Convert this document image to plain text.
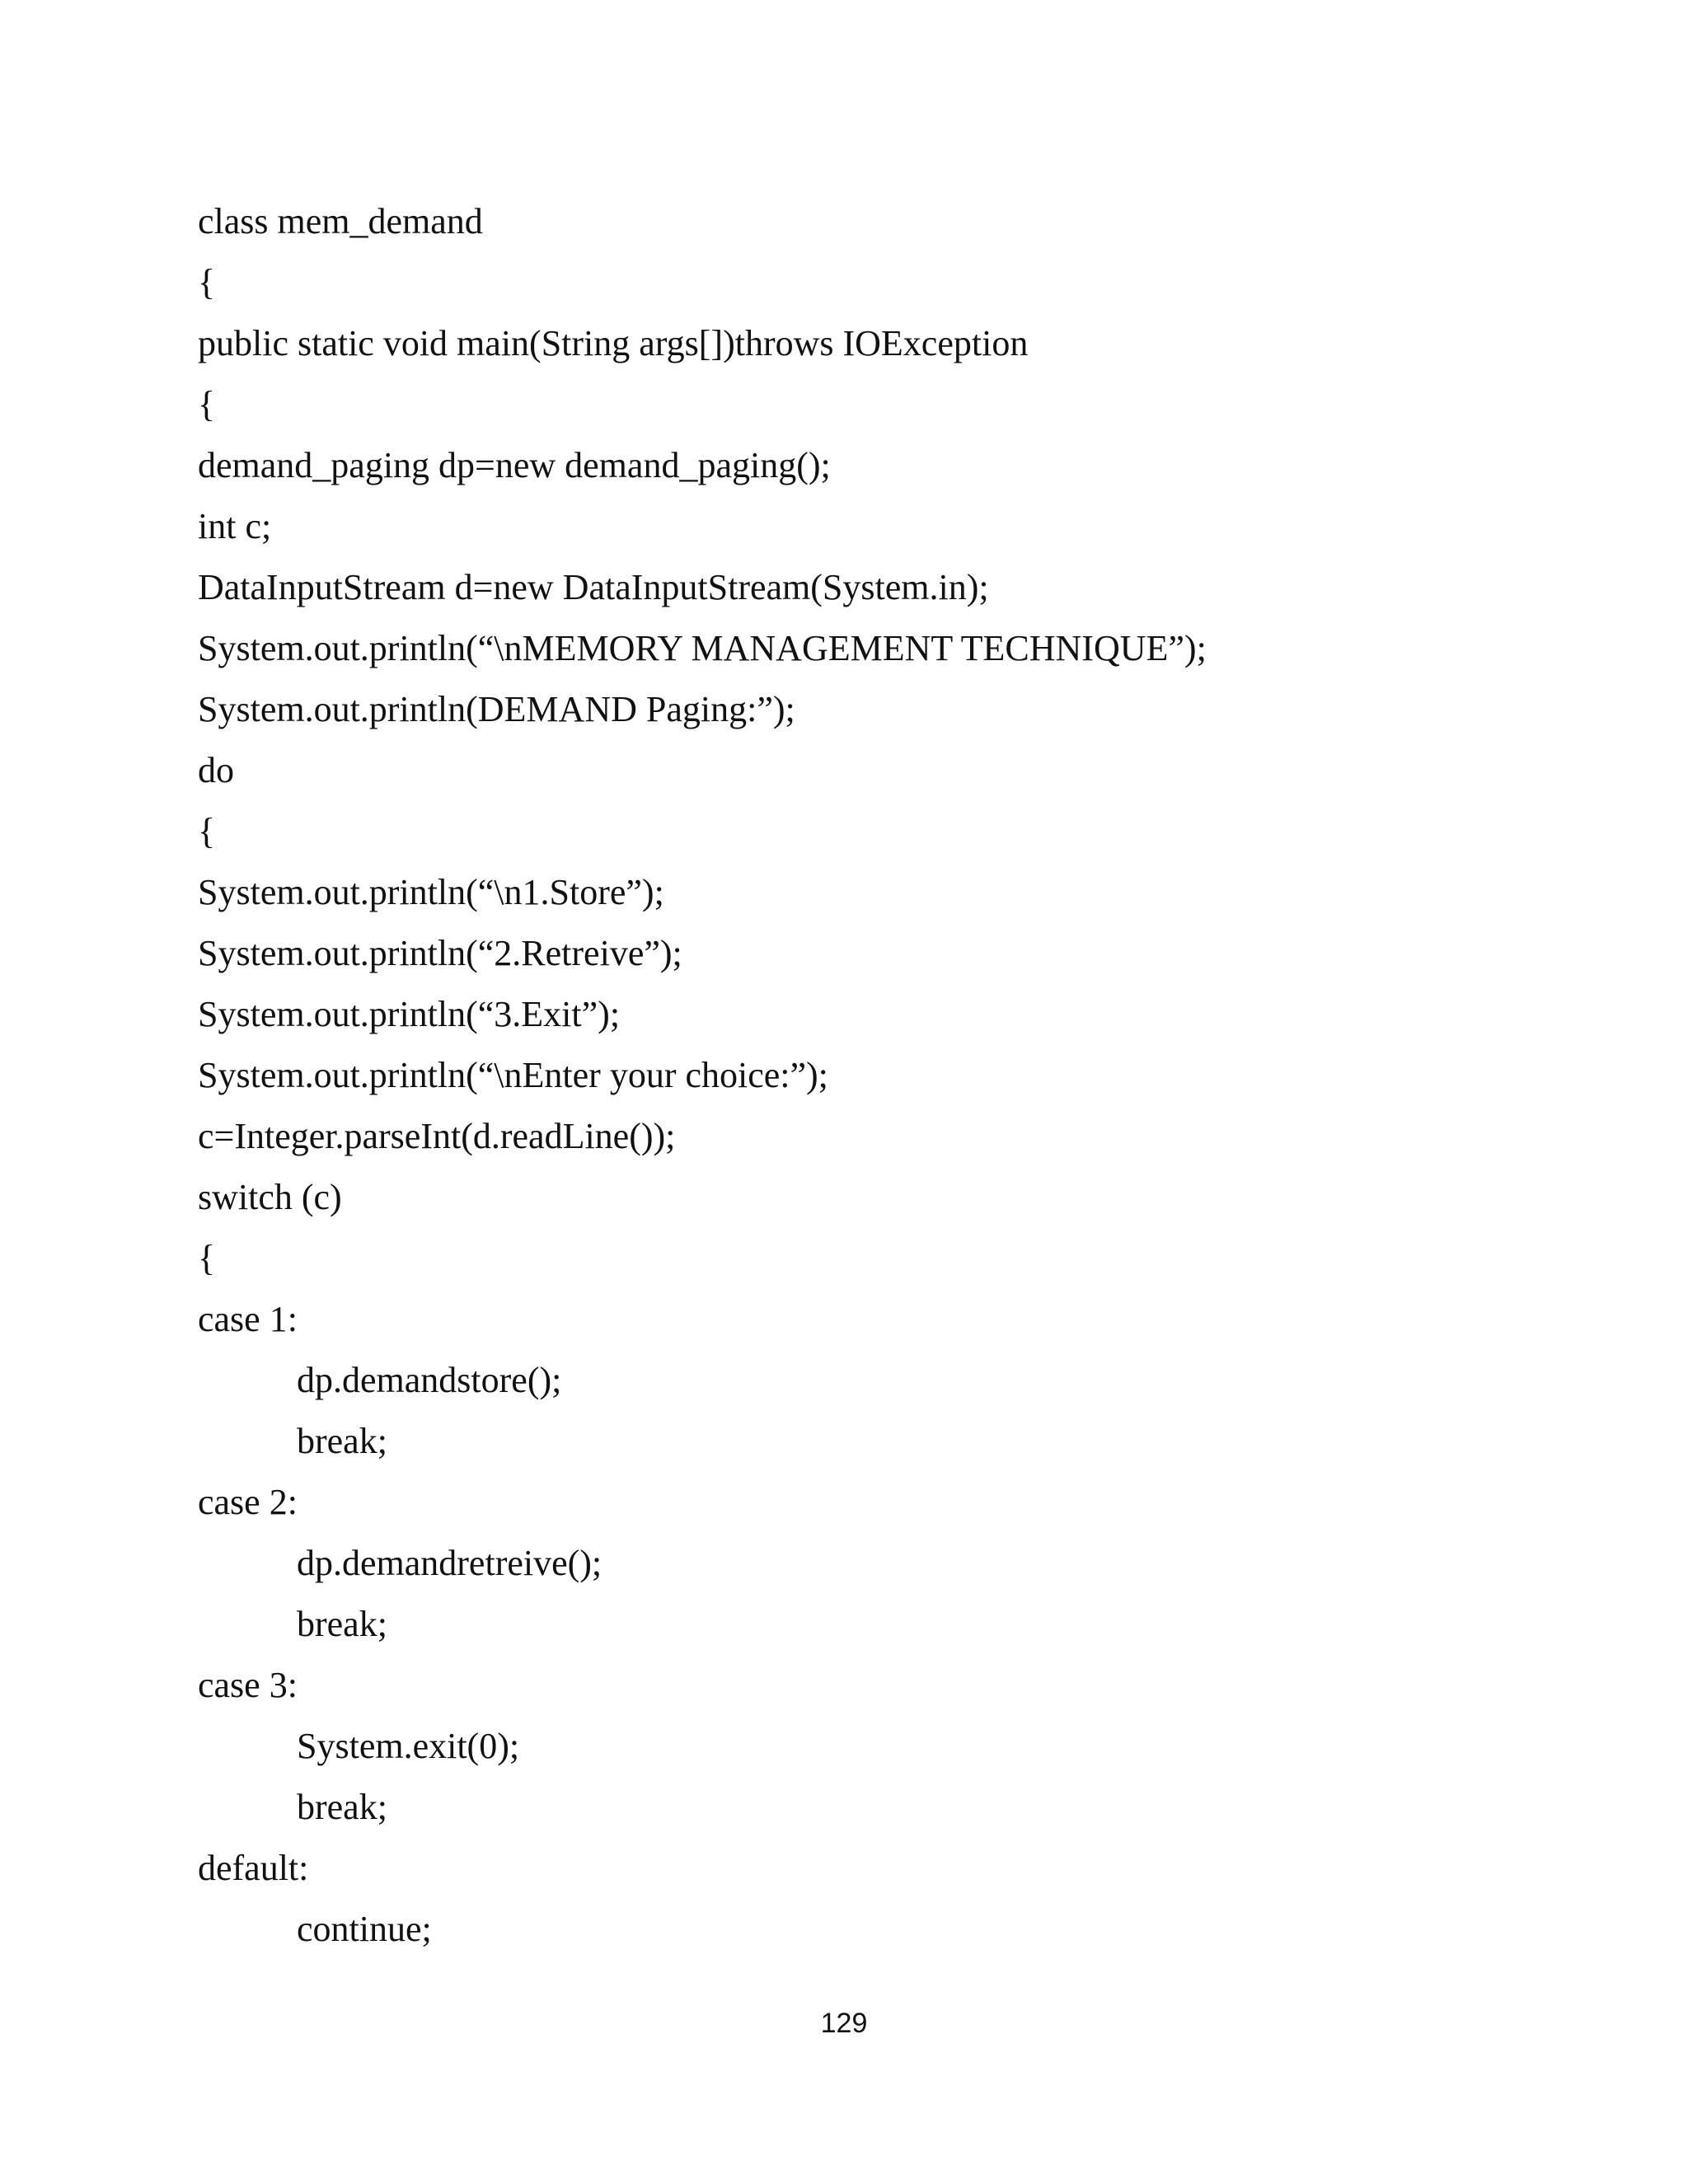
class mem_demand
{
public static void main(String args[])throws IOException
{
demand_paging dp=new demand_paging();
int c;
DataInputStream d=new DataInputStream(System.in);
System.out.println(“\nMEMORY MANAGEMENT TECHNIQUE”);
System.out.println(DEMAND Paging:”);
do
{
System.out.println(“\n1.Store”);
System.out.println(“2.Retreive”);
System.out.println(“3.Exit”);
System.out.println(“\nEnter your choice:”);
c=Integer.parseInt(d.readLine());
switch (c)
{
case 1:
dp.demandstore();
break;
case 2:
dp.demandretreive();
break;
case 3:
System.exit(0);
break;
default:
continue;
129
